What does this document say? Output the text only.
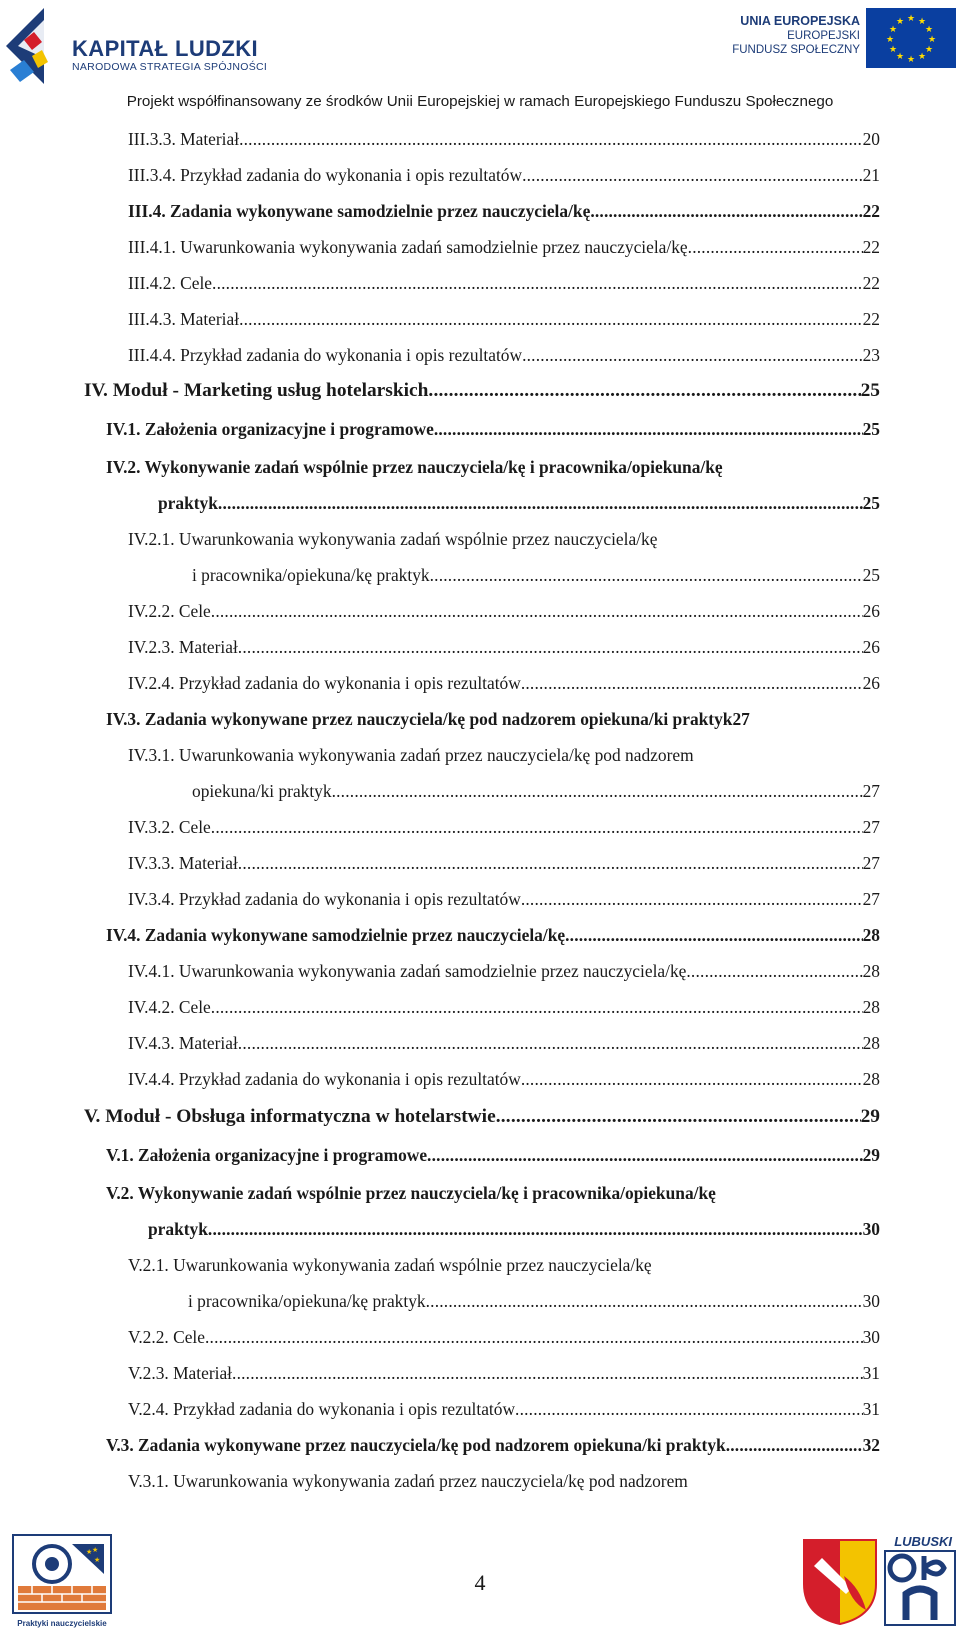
KAPITAŁ LUDZKI
NARODOWA STRATEGIA SPÓJNOŚCI
UNIA EUROPEJSKA
EUROPEJSKI
FUNDUSZ SPOŁECZNY
★ ★
★
★
★
★
★
★
★
★
★
★
Projekt współfinansowany ze środków Unii Europejskiej w ramach Europejskiego Funduszu Społecznego
III.3.3. Materiał .....	20
III.3.4. Przykład zadania do wykonania i opis rezultatów .....	21
III.4. Zadania wykonywane samodzielnie przez nauczyciela/kę .....	22
III.4.1. Uwarunkowania wykonywania zadań samodzielnie przez nauczyciela/kę .....	22
III.4.2. Cele .....	22
III.4.3. Materiał .....	22
III.4.4. Przykład zadania do wykonania i opis rezultatów .....	23
IV. Moduł - Marketing usług hotelarskich .....	25
IV.1. Założenia organizacyjne i programowe .....	25
IV.2. Wykonywanie zadań wspólnie przez nauczyciela/kę i pracownika/opiekuna/kę
praktyk .....	25
IV.2.1. Uwarunkowania wykonywania zadań wspólnie przez nauczyciela/kę
i pracownika/opiekuna/kę praktyk .....	25
IV.2.2. Cele .....	26
IV.2.3. Materiał .....	26
IV.2.4. Przykład zadania do wykonania i opis rezultatów .....	26
IV.3. Zadania wykonywane przez nauczyciela/kę pod nadzorem opiekuna/ki praktyk 27
IV.3.1. Uwarunkowania wykonywania zadań przez nauczyciela/kę pod nadzorem
opiekuna/ki praktyk .....	27
IV.3.2. Cele .....	27
IV.3.3. Materiał .....	27
IV.3.4. Przykład zadania do wykonania i opis rezultatów .....	27
IV.4. Zadania wykonywane samodzielnie przez nauczyciela/kę .....	28
IV.4.1. Uwarunkowania wykonywania zadań samodzielnie przez nauczyciela/kę .....	28
IV.4.2. Cele .....	28
IV.4.3. Materiał .....	28
IV.4.4. Przykład zadania do wykonania i opis rezultatów .....	28
V. Moduł - Obsługa informatyczna w hotelarstwie .....	29
V.1. Założenia organizacyjne i programowe .....	29
V.2. Wykonywanie zadań wspólnie przez nauczyciela/kę i pracownika/opiekuna/kę
praktyk .....	30
V.2.1. Uwarunkowania wykonywania zadań wspólnie przez nauczyciela/kę
i pracownika/opiekuna/kę praktyk .....	30
V.2.2. Cele .....	30
V.2.3. Materiał .....	31
V.2.4. Przykład zadania do wykonania i opis rezultatów .....	31
V.3. Zadania wykonywane przez nauczyciela/kę pod nadzorem opiekuna/ki praktyk .....	32
V.3.1. Uwarunkowania wykonywania zadań przez nauczyciela/kę pod nadzorem
★
★
★
Praktyki nauczycielskie
4
LUBUSKI
